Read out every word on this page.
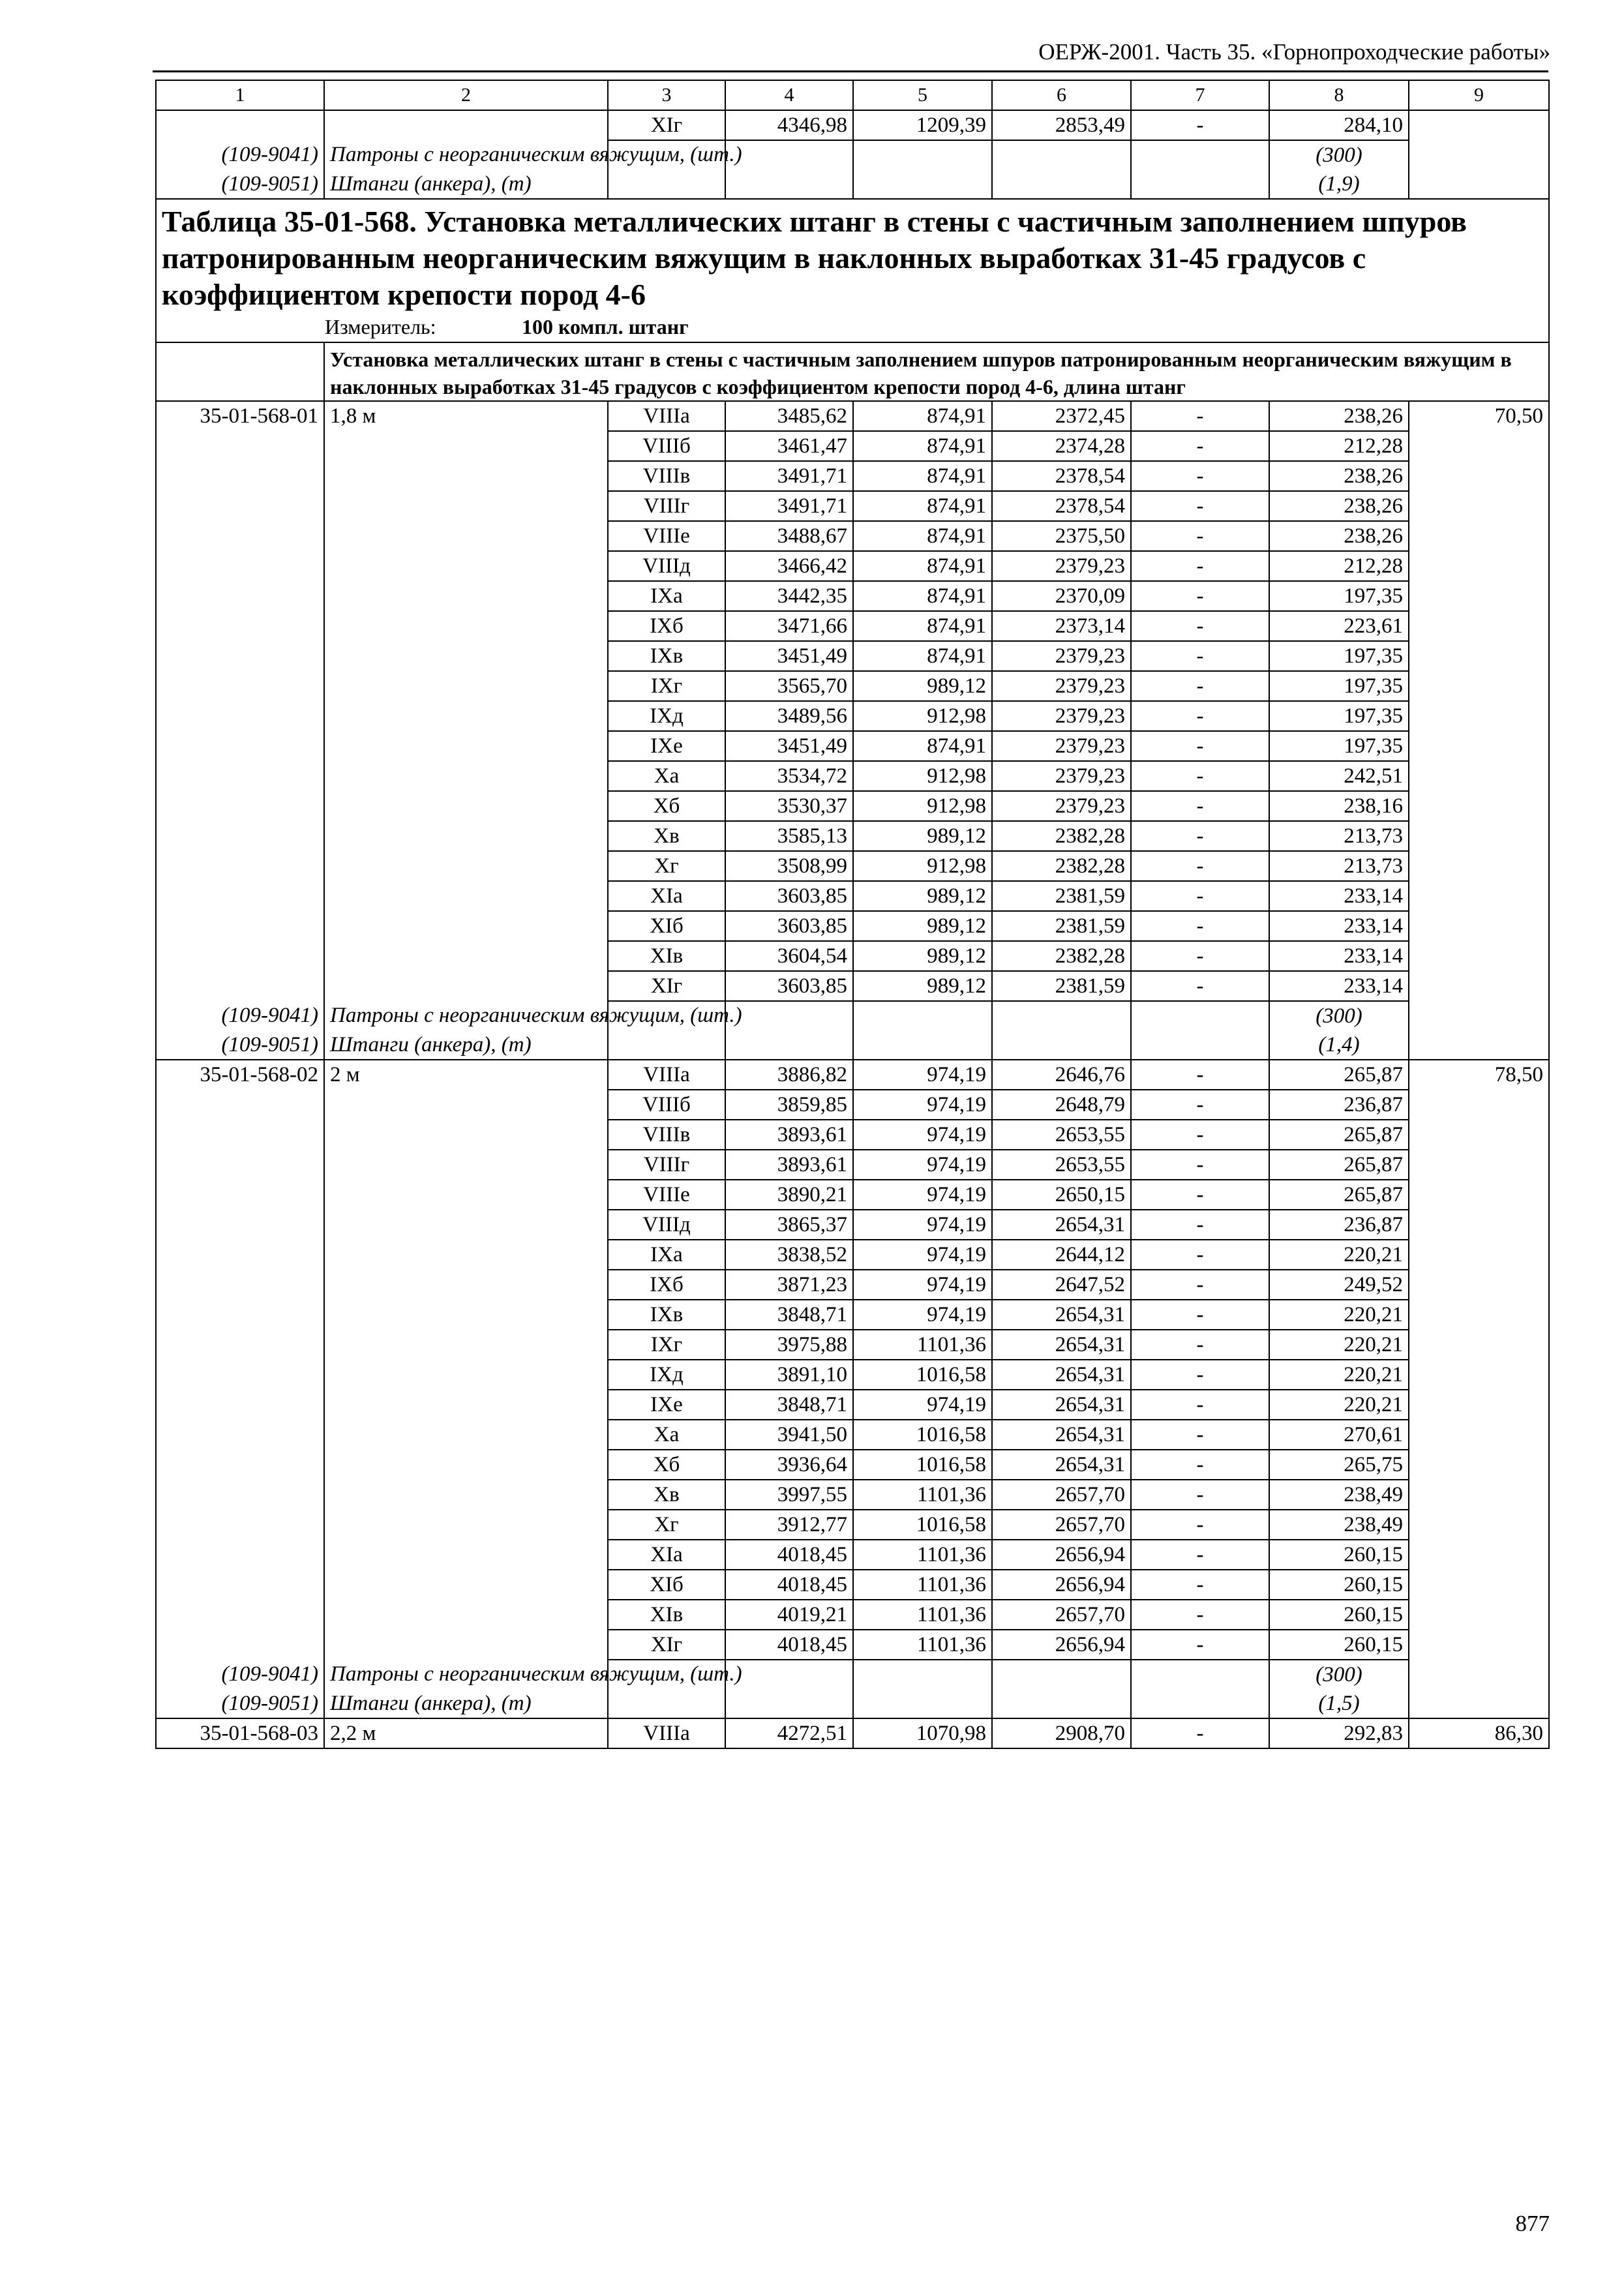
ОЕРЖ-2001. Часть 35. «Горнопроходческие работы»
1	2	3	4	5	6	7	8	9
		XIг	4346,98	1209,39	2853,49	-	284,10	
(109-9041)	Патроны с неорганическим вяжущим, (шт.)						(300)	
(109-9051)	Штанги (анкера), (т)						(1,9)	

Таблица 35-01-568. Установка металлических штанг в стены с частичным заполнением шпуров патронированным неорганическим вяжущим в наклонных выработках 31-45 градусов с коэффициентом крепости пород 4-6
Измеритель: 100 компл. штанг								

	Установка металлических штанг в стены с частичным заполнением шпуров патронированным неорганическим вяжущим в наклонных выработках 31-45 градусов с коэффициентом крепости пород 4-6, длина штанг							

35-01-568-01	1,8 м	VIIIа	3485,62	874,91	2372,45	-	238,26	70,50
		VIIIб	3461,47	874,91	2374,28	-	212,28	
		VIIIв	3491,71	874,91	2378,54	-	238,26	
		VIIIг	3491,71	874,91	2378,54	-	238,26	
		VIIIе	3488,67	874,91	2375,50	-	238,26	
		VIIIд	3466,42	874,91	2379,23	-	212,28	
		IXа	3442,35	874,91	2370,09	-	197,35	
		IXб	3471,66	874,91	2373,14	-	223,61	
		IXв	3451,49	874,91	2379,23	-	197,35	
		IXг	3565,70	989,12	2379,23	-	197,35	
		IXд	3489,56	912,98	2379,23	-	197,35	
		IXе	3451,49	874,91	2379,23	-	197,35	
		Xа	3534,72	912,98	2379,23	-	242,51	
		Xб	3530,37	912,98	2379,23	-	238,16	
		Xв	3585,13	989,12	2382,28	-	213,73	
		Xг	3508,99	912,98	2382,28	-	213,73	
		XIа	3603,85	989,12	2381,59	-	233,14	
		XIб	3603,85	989,12	2381,59	-	233,14	
		XIв	3604,54	989,12	2382,28	-	233,14	
		XIг	3603,85	989,12	2381,59	-	233,14	
(109-9041)	Патроны с неорганическим вяжущим, (шт.)						(300)	
(109-9051)	Штанги (анкера), (т)						(1,4)	
35-01-568-02	2 м	VIIIа	3886,82	974,19	2646,76	-	265,87	78,50
		VIIIб	3859,85	974,19	2648,79	-	236,87	
		VIIIв	3893,61	974,19	2653,55	-	265,87	
		VIIIг	3893,61	974,19	2653,55	-	265,87	
		VIIIе	3890,21	974,19	2650,15	-	265,87	
		VIIIд	3865,37	974,19	2654,31	-	236,87	
		IXа	3838,52	974,19	2644,12	-	220,21	
		IXб	3871,23	974,19	2647,52	-	249,52	
		IXв	3848,71	974,19	2654,31	-	220,21	
		IXг	3975,88	1101,36	2654,31	-	220,21	
		IXд	3891,10	1016,58	2654,31	-	220,21	
		IXе	3848,71	974,19	2654,31	-	220,21	
		Xа	3941,50	1016,58	2654,31	-	270,61	
		Xб	3936,64	1016,58	2654,31	-	265,75	
		Xв	3997,55	1101,36	2657,70	-	238,49	
		Xг	3912,77	1016,58	2657,70	-	238,49	
		XIа	4018,45	1101,36	2656,94	-	260,15	
		XIб	4018,45	1101,36	2656,94	-	260,15	
		XIв	4019,21	1101,36	2657,70	-	260,15	
		XIг	4018,45	1101,36	2656,94	-	260,15	
(109-9041)	Патроны с неорганическим вяжущим, (шт.)						(300)	
(109-9051)	Штанги (анкера), (т)						(1,5)	
35-01-568-03	2,2 м	VIIIа	4272,51	1070,98	2908,70	-	292,83	86,30
877
